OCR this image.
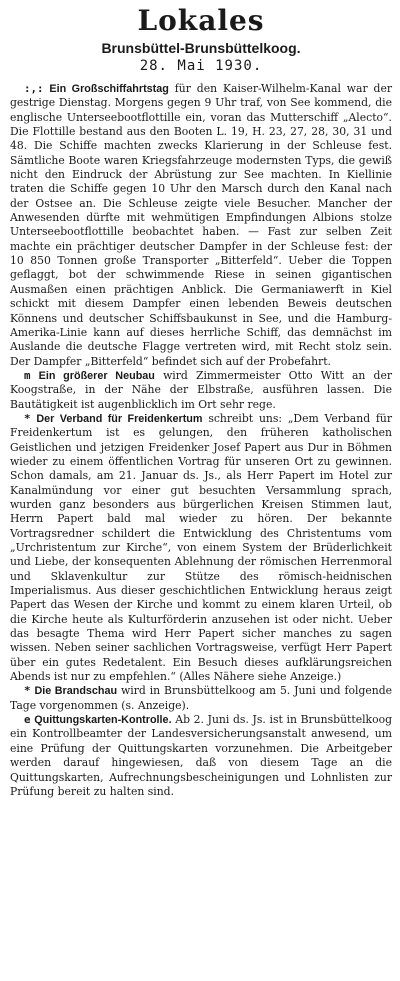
Lokales
Brunsbüttel-Brunsbüttelkoog.
28. Mai 1930.

:,: Ein Großschiffahrtstag für den Kaiser-Wilhelm-Kanal war der gestrige Dienstag. Morgens gegen 9 Uhr traf, von See kommend, die englische Unterseebootflottille ein, voran das Mutterschiff „Alecto“. Die Flottille bestand aus den Booten L. 19, H. 23, 27, 28, 30, 31 und 48. Die Schiffe machten zwecks Klarierung in der Schleuse fest. Sämtliche Boote waren Kriegsfahrzeuge modernsten Typs, die gewiß nicht den Eindruck der Abrüstung zur See machten. In Kiellinie traten die Schiffe gegen 10 Uhr den Marsch durch den Kanal nach der Ostsee an. Die Schleuse zeigte viele Besucher. Mancher der Anwesenden dürfte mit wehmütigen Empfindungen Albions stolze Unterseebootflottille beobachtet haben. — Fast zur selben Zeit machte ein prächtiger deutscher Dampfer in der Schleuse fest: der 10 850 Tonnen große Transporter „Bitterfeld“. Ueber die Toppen geflaggt, bot der schwimmende Riese in seinen gigantischen Ausmaßen einen prächtigen Anblick. Die Germaniawerft in Kiel schickt mit diesem Dampfer einen lebenden Beweis deutschen Könnens und deutscher Schiffsbaukunst in See, und die Hamburg-Amerika-Linie kann auf dieses herrliche Schiff, das demnächst im Auslande die deutsche Flagge vertreten wird, mit Recht stolz sein. Der Dampfer „Bitterfeld“ befindet sich auf der Probefahrt.

m Ein größerer Neubau wird Zimmermeister Otto Witt an der Koogstraße, in der Nähe der Elbstraße, ausführen lassen. Die Bautätigkeit ist augenblicklich im Ort sehr rege.

* Der Verband für Freidenkertum schreibt uns: „Dem Verband für Freidenkertum ist es gelungen, den früheren katholischen Geistlichen und jetzigen Freidenker Josef Papert aus Dur in Böhmen wieder zu einem öffentlichen Vortrag für unseren Ort zu gewinnen. Schon damals, am 21. Januar ds. Js., als Herr Papert im Hotel zur Kanalmündung vor einer gut besuchten Versammlung sprach, wurden ganz besonders aus bürgerlichen Kreisen Stimmen laut, Herrn Papert bald mal wieder zu hören. Der bekannte Vortragsredner schildert die Entwicklung des Christentums vom „Urchristentum zur Kirche“, von einem System der Brüderlichkeit und Liebe, der konsequenten Ablehnung der römischen Herrenmoral und Sklavenkultur zur Stütze des römisch-heidnischen Imperialismus. Aus dieser geschichtlichen Entwicklung heraus zeigt Papert das Wesen der Kirche und kommt zu einem klaren Urteil, ob die Kirche heute als Kulturförderin anzusehen ist oder nicht. Ueber das besagte Thema wird Herr Papert sicher manches zu sagen wissen. Neben seiner sachlichen Vortragsweise, verfügt Herr Papert über ein gutes Redetalent. Ein Besuch dieses aufklärungsreichen Abends ist nur zu empfehlen.“ (Alles Nähere siehe Anzeige.)

* Die Brandschau wird in Brunsbüttelkoog am 5. Juni und folgende Tage vorgenommen (s. Anzeige).

e Quittungskarten-Kontrolle. Ab 2. Juni ds. Js. ist in Brunsbüttelkoog ein Kontrollbeamter der Landesversicherungsanstalt anwesend, um eine Prüfung der Quittungskarten vorzunehmen. Die Arbeitgeber werden darauf hingewiesen, daß von diesem Tage an die Quittungskarten, Aufrechnungsbescheinigungen und Lohnlisten zur Prüfung bereit zu halten sind.
